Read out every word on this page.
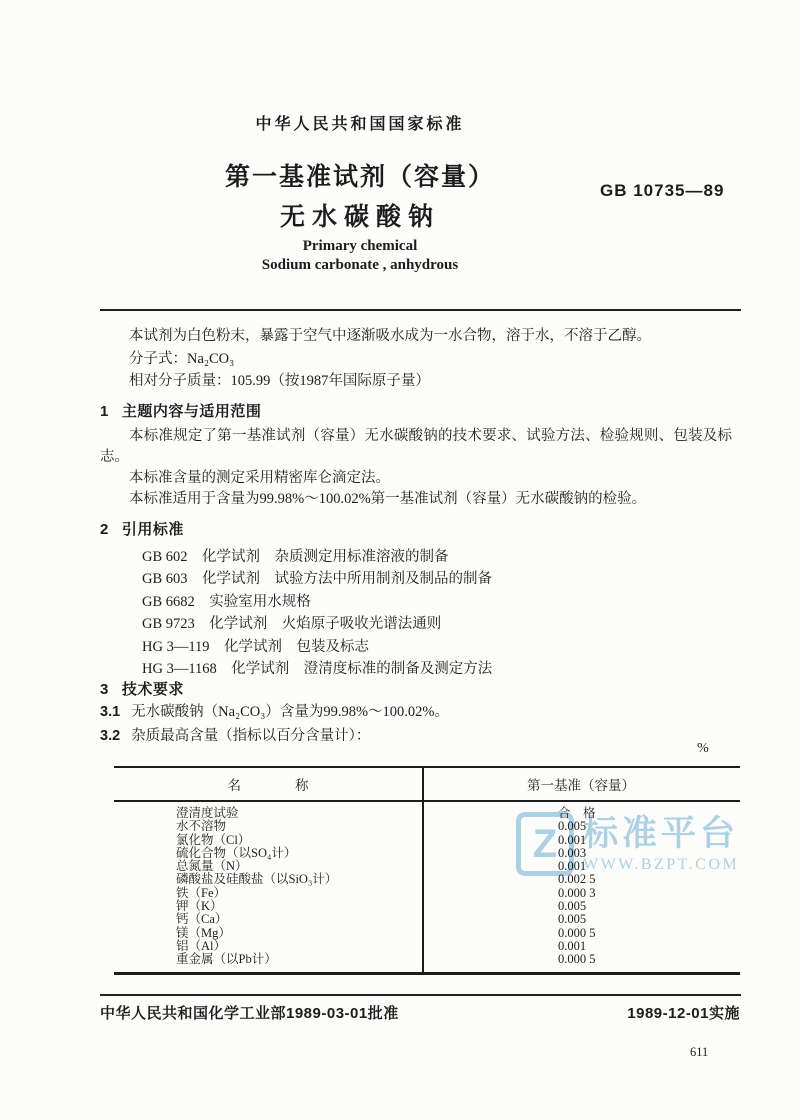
中华人民共和国国家标准
第一基准试剂（容量）
无水碳酸钠
GB 10735—89
Primary chemical
Sodium carbonate , anhydrous
本试剂为白色粉末，暴露于空气中逐渐吸水成为一水合物，溶于水，不溶于乙醇。
分子式：Na₂CO₃
相对分子质量：105.99（按1987年国际原子量）
1 主题内容与适用范围

本标准规定了第一基准试剂（容量）无水碳酸钠的技术要求、试验方法、检验规则、包装及标志。

本标准含量的测定采用精密库仑滴定法。

本标准适用于含量为99.98%～100.02%第一基准试剂（容量）无水碳酸钠的检验。

2 引用标准
GB 602　化学试剂　杂质测定用标准溶液的制备
GB 603　化学试剂　试验方法中所用制剂及制品的制备
GB 6682　实验室用水规格
GB 9723　化学试剂　火焰原子吸收光谱法通则
HG 3—119　化学试剂　包装及标志
HG 3—1168　化学试剂　澄清度标准的制备及测定方法
3 技术要求
3.1 无水碳酸钠（Na₂CO₃）含量为99.98%～100.02%。
3.2 杂质最高含量（指标以百分含量计）：
%
名　　　　称	第一基准（容量）
澄清度试验	合　格
水不溶物	0.005
氯化物（Cl）	0.001
硫化合物（以SO₄计）	0.003
总氮量（N）	0.001
磷酸盐及硅酸盐（以SiO₃计）	0.002 5
铁（Fe）	0.000 3
钾（K）	0.005
钙（Ca）	0.005
镁（Mg）	0.000 5
铝（Al）	0.001
重金属（以Pb计）	0.000 5
中华人民共和国化学工业部1989-03-01批准	1989-12-01实施
611
Z 标准平台
WWW.BZPT.COM
